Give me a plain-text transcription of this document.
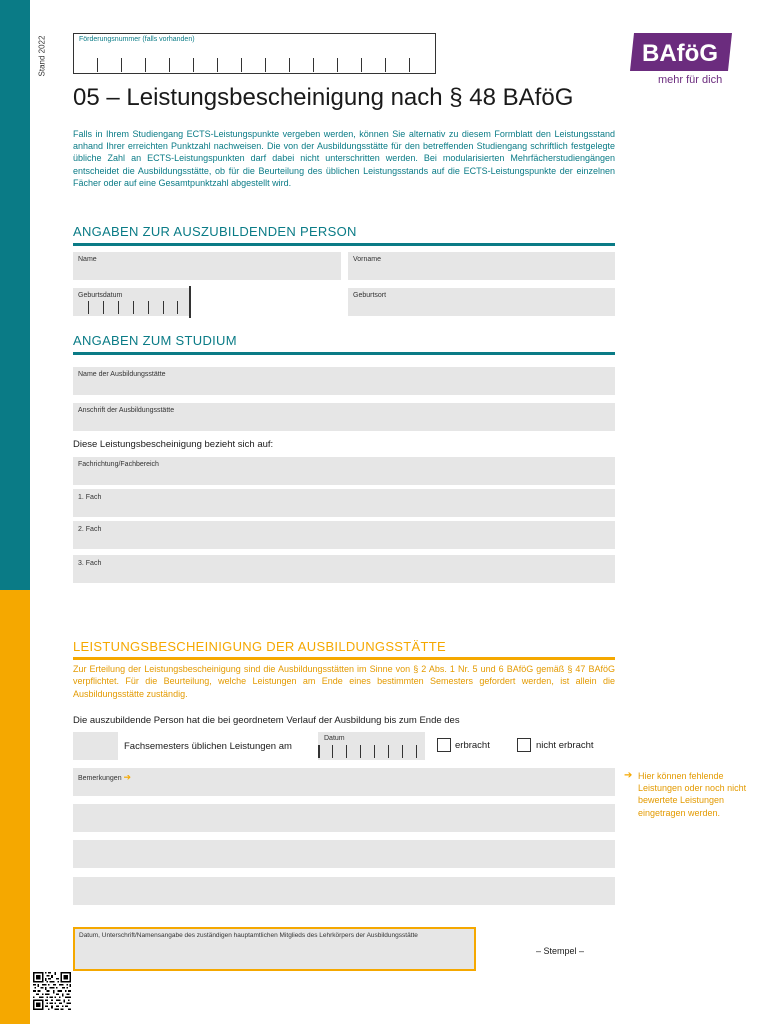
Stand 2022	Förderungsnummer (falls vorhanden)
BAföG
mehr für dich
05 – Leistungsbescheinigung nach § 48 BAföG

Falls in Ihrem Studiengang ECTS-Leistungspunkte vergeben werden, können Sie alternativ zu diesem Formblatt den Leistungsstand anhand Ihrer erreichten Punktzahl nachweisen. Die von der Ausbildungsstätte für den betreffenden Studiengang schriftlich festgelegte übliche Zahl an ECTS-Leistungspunkten darf dabei nicht unterschritten werden. Bei modularisierten Mehrfächerstudiengängen entscheidet die Ausbildungsstätte, ob für die Beurteilung des üblichen Leistungsstands auf die ECTS-Leistungspunkte der einzelnen Fächer oder auf eine Gesamtpunktzahl abgestellt wird.

ANGABEN ZUR AUSZUBILDENDEN PERSON
Name	Vorname
Geburtsdatum	Geburtsort
ANGABEN ZUM STUDIUM
Name der Ausbildungsstätte
Anschrift der Ausbildungsstätte
Diese Leistungsbescheinigung bezieht sich auf:
Fachrichtung/Fachbereich
1. Fach
2. Fach
3. Fach
LEISTUNGSBESCHEINIGUNG DER AUSBILDUNGSSTÄTTE

Zur Erteilung der Leistungsbescheinigung sind die Ausbildungsstätten im Sinne von § 2 Abs. 1 Nr. 5 und 6 BAföG gemäß § 47 BAföG verpflichtet. Für die Beurteilung, welche Leistungen am Ende eines bestimmten Semesters gefordert werden, ist allein die Ausbildungsstätte zuständig.

Die auszubildende Person hat die bei geordnetem Verlauf der Ausbildung bis zum Ende des
Fachsemesters üblichen Leistungen am
Datum
erbracht	nicht erbracht
Bemerkungen ➔	➔ Hier können fehlende Leistungen oder noch nicht bewertete Leistungen eingetragen werden.

Datum, Unterschrift/Namensangabe des zuständigen hauptamtlichen Mitglieds des Lehrkörpers der Ausbildungsstätte
– Stempel –
